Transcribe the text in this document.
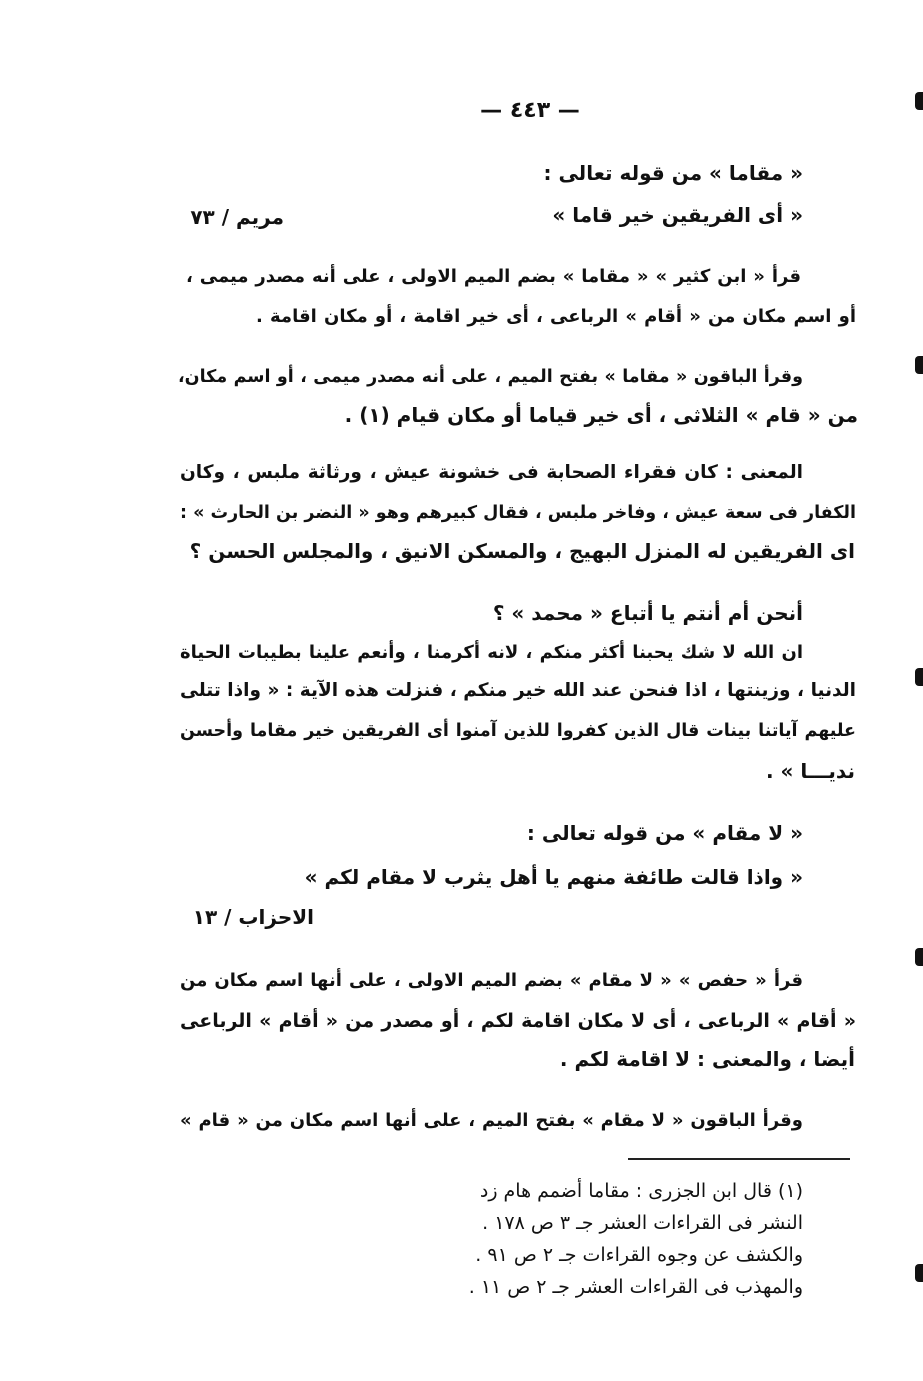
— ٤٤٣ —
« مقاما » من قوله تعالى :
« أى الفريقين خير قاما »
مريم / ٧٣
قرأ « ابن كثير » « مقاما » بضم الميم الاولى ، على أنه مصدر ميمى ،
أو اسم مكان من « أقام » الرباعى ، أى خير اقامة ، أو مكان اقامة .
وقرأ الباقون « مقاما » بفتح الميم ، على أنه مصدر ميمى ، أو اسم مكان،
من « قام » الثلاثى ، أى خير قياما أو مكان قيام (١) .
المعنى : كان فقراء الصحابة فى خشونة عيش ، ورثاثة ملبس ، وكان
الكفار فى سعة عيش ، وفاخر ملبس ، فقال كبيرهم وهو « النضر بن الحارث » :
اى الفريقين له المنزل البهيج ، والمسكن الانيق ، والمجلس الحسن ؟
أنحن أم أنتم يا أتباع « محمد » ؟
ان الله لا شك يحبنا أكثر منكم ، لانه أكرمنا ، وأنعم علينا بطيبات الحياة
الدنيا ، وزينتها ، اذا فنحن عند الله خير منكم ، فنزلت هذه الآية : « واذا تتلى
عليهم آياتنا بينات قال الذين كفروا للذين آمنوا أى الفريقين خير مقاما وأحسن
نديـــا » .
« لا مقام » من قوله تعالى :
« واذا قالت طائفة منهم يا أهل يثرب لا مقام لكم »
الاحزاب / ١٣
قرأ « حفص » « لا مقام » بضم الميم الاولى ، على أنها اسم مكان من
« أقام » الرباعى ، أى لا مكان اقامة لكم ، أو مصدر من « أقام » الرباعى
أيضا ، والمعنى : لا اقامة لكم .
وقرأ الباقون « لا مقام » بفتح الميم ، على أنها اسم مكان من « قام »
(١) قال ابن الجزرى : مقاما أضمم هام زد
النشر فى القراءات العشر جـ ٣ ص ١٧٨ .
والكشف عن وجوه القراءات جـ ٢ ص ٩١ .
والمهذب فى القراءات العشر جـ ٢ ص ١١ .
